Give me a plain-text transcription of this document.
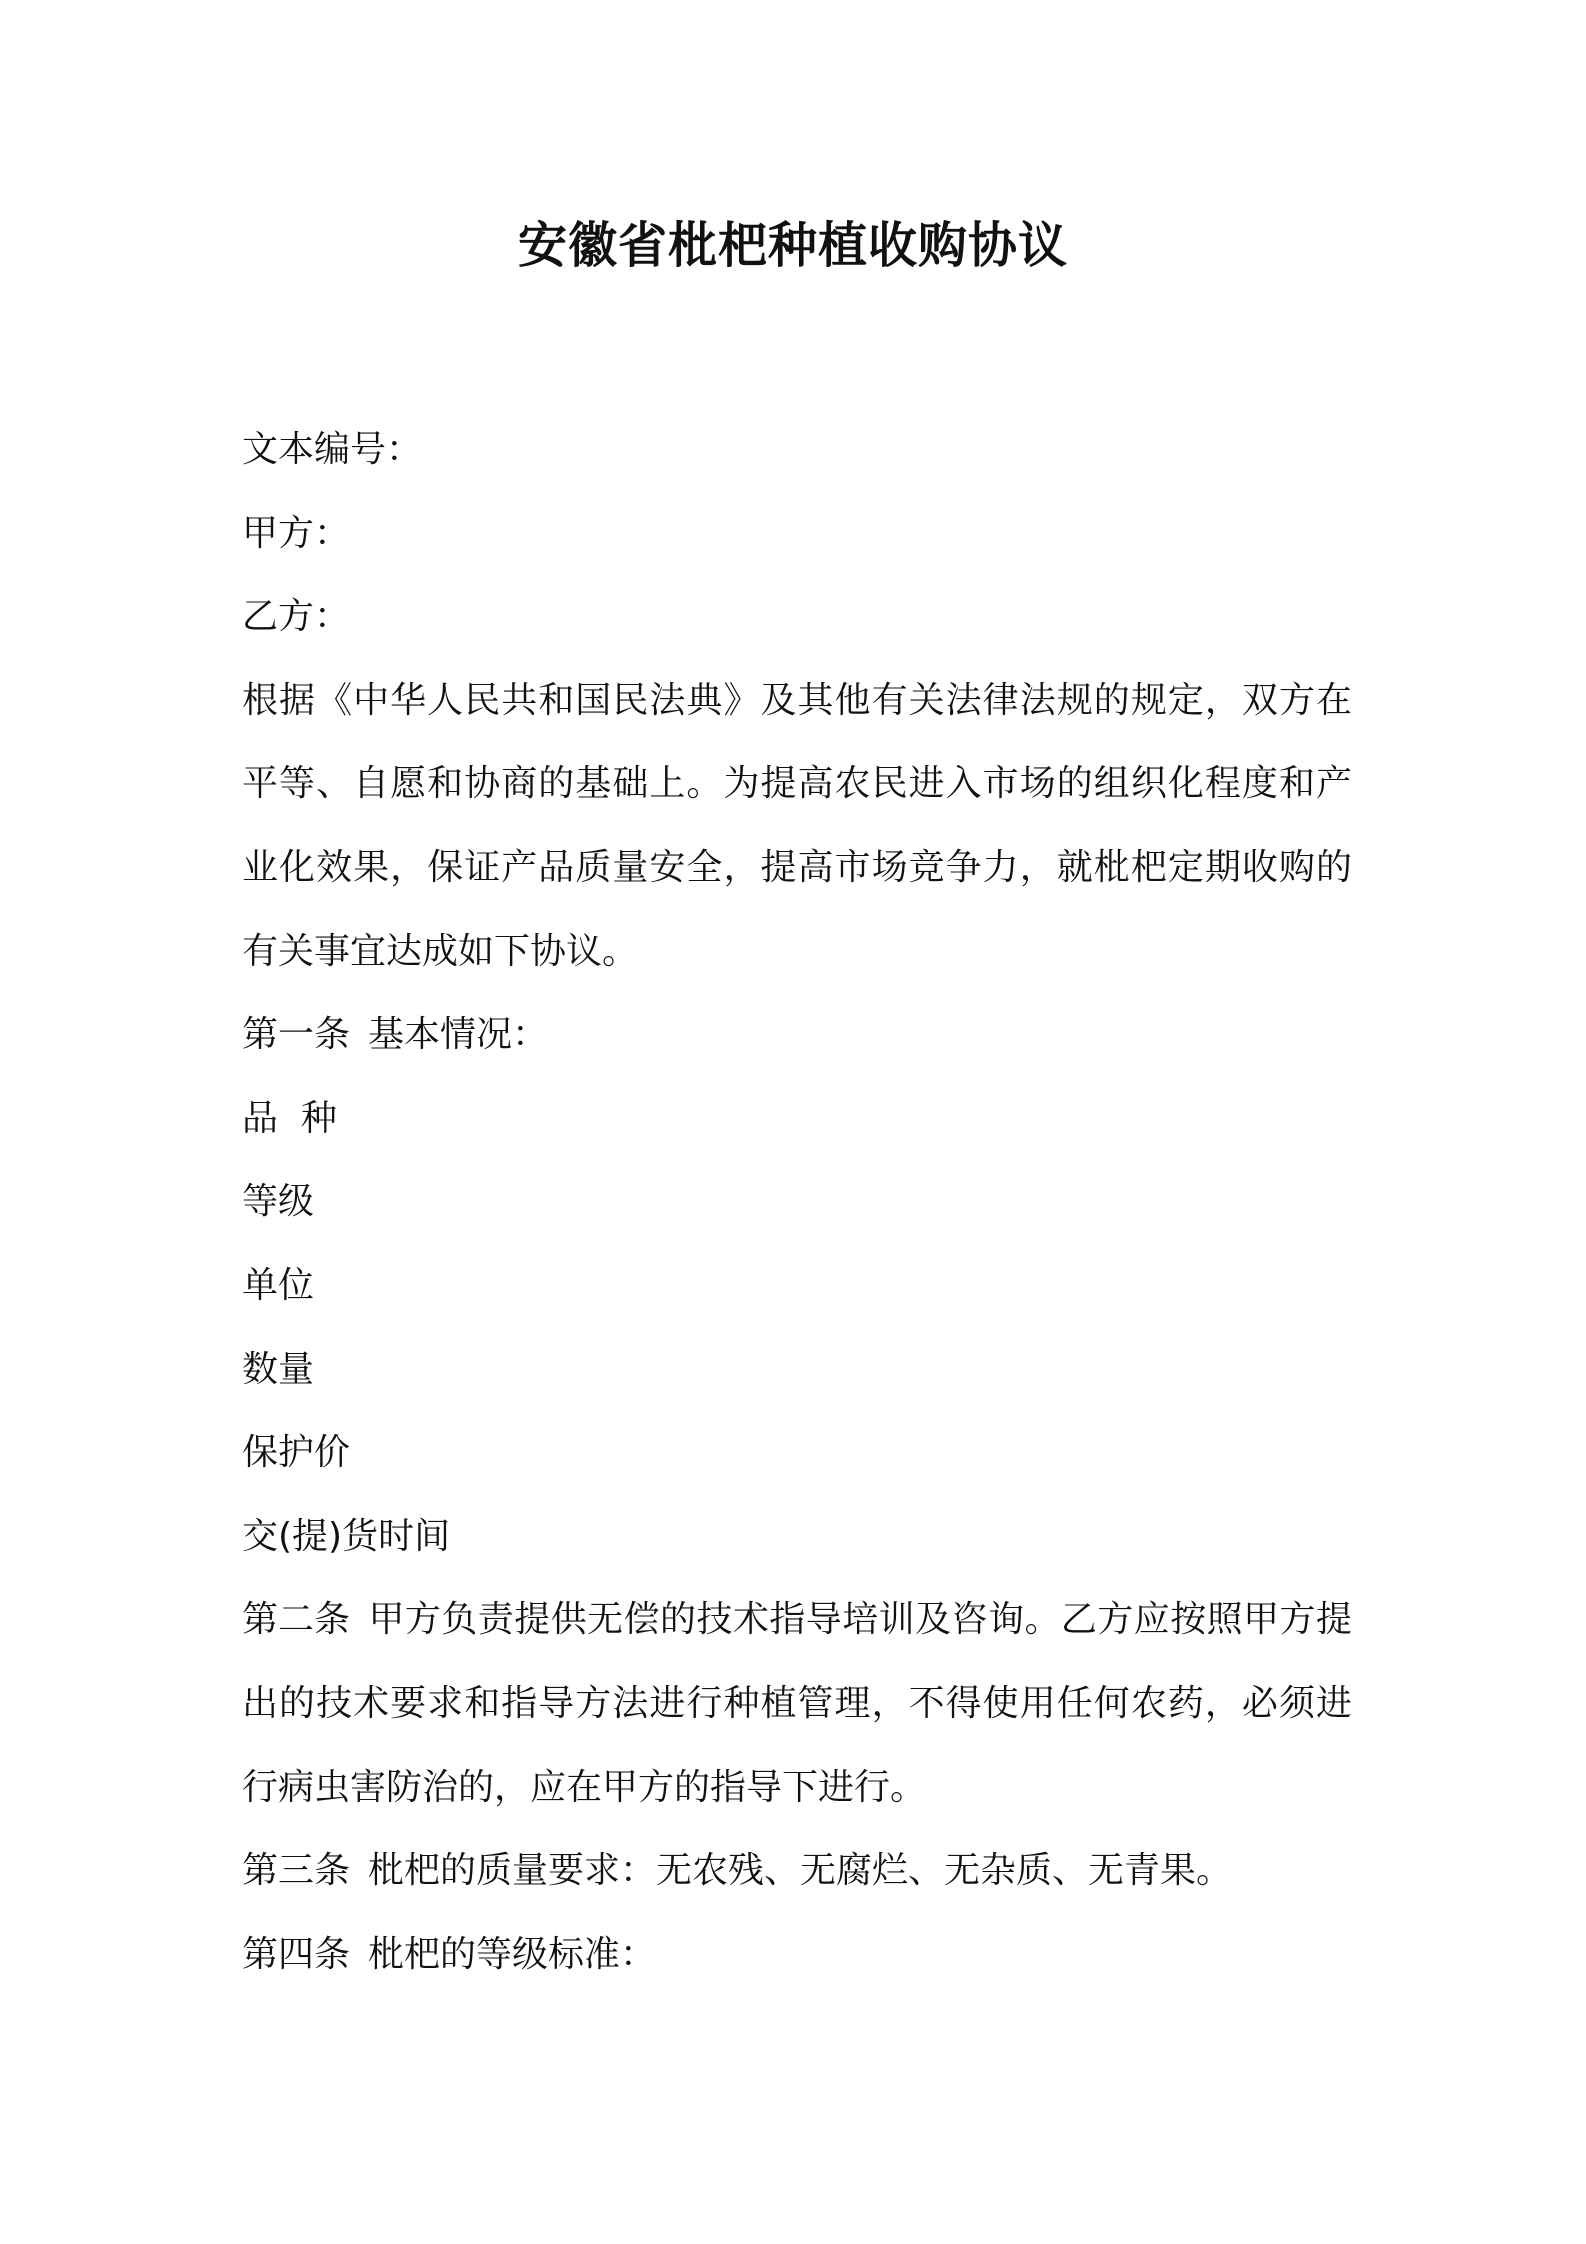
安徽省枇杷种植收购协议

文本编号：

甲方：

乙方：

根据《中华人民共和国民法典》及其他有关法律法规的规定，双方在平等、自愿和协商的基础上。为提高农民进入市场的组织化程度和产业化效果，保证产品质量安全，提高市场竞争力，就枇杷定期收购的有关事宜达成如下协议。

第一条 基本情况：

品  种

等级

单位

数量

保护价

交(提)货时间

第二条 甲方负责提供无偿的技术指导培训及咨询。乙方应按照甲方提出的技术要求和指导方法进行种植管理，不得使用任何农药，必须进行病虫害防治的，应在甲方的指导下进行。

第三条 枇杷的质量要求：无农残、无腐烂、无杂质、无青果。

第四条 枇杷的等级标准：
